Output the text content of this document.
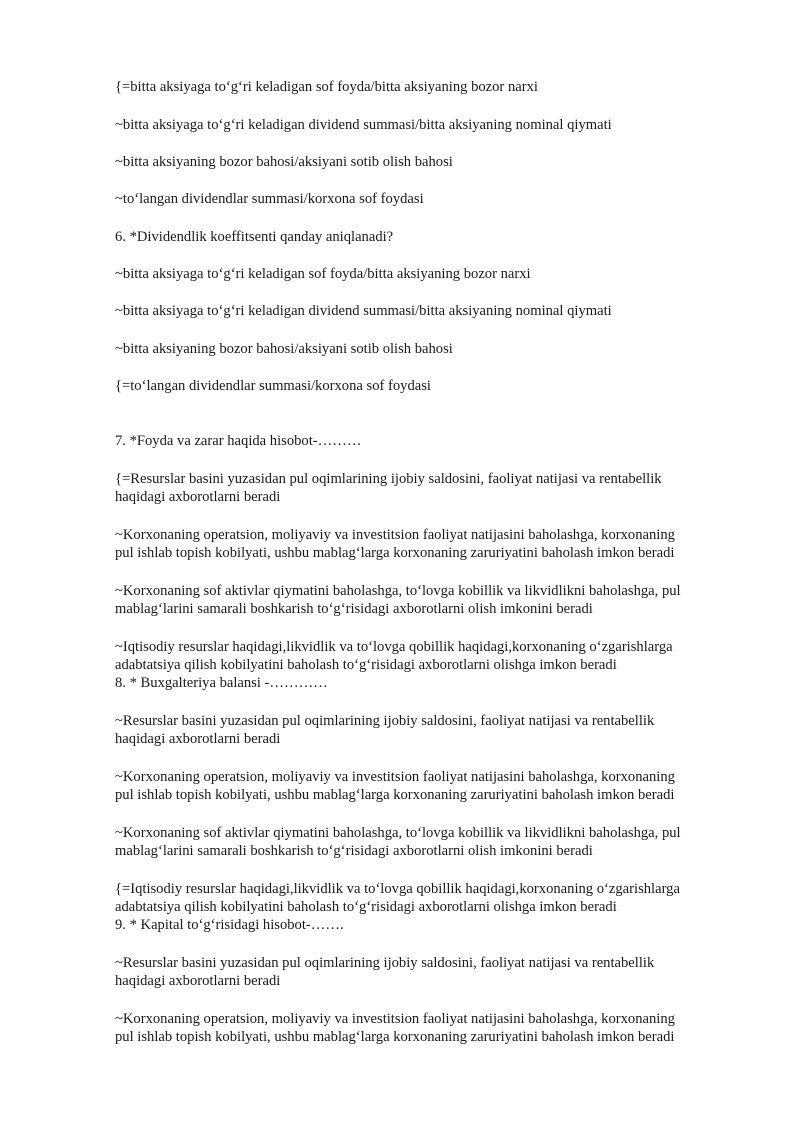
{=bitta aksiyaga to‘g‘ri keladigan sof foyda/bitta aksiyaning bozor narxi

~bitta aksiyaga to‘g‘ri keladigan dividend summasi/bitta aksiyaning nominal qiymati

~bitta aksiyaning bozor bahosi/aksiyani sotib olish bahosi

~to‘langan dividendlar summasi/korxona sof foydasi

6. *Dividendlik koeffitsenti qanday aniqlanadi?

~bitta aksiyaga to‘g‘ri keladigan sof foyda/bitta aksiyaning bozor narxi

~bitta aksiyaga to‘g‘ri keladigan dividend summasi/bitta aksiyaning nominal qiymati

~bitta aksiyaning bozor bahosi/aksiyani sotib olish bahosi

{=to‘langan dividendlar summasi/korxona sof foydasi

7. *Foyda va zarar haqida hisobot-………

{=Resurslar basini yuzasidan pul oqimlarining ijobiy saldosini, faoliyat natijasi va rentabellik
haqidagi axborotlarni beradi

~Korxonaning operatsion, moliyaviy va investitsion faoliyat natijasini baholashga, korxonaning
pul ishlab topish kobilyati, ushbu mablag‘larga korxonaning zaruriyatini baholash imkon beradi

~Korxonaning sof aktivlar qiymatini baholashga, to‘lovga kobillik va likvidlikni baholashga, pul
mablag‘larini samarali boshkarish to‘g‘risidagi axborotlarni olish imkonini beradi

~Iqtisodiy resurslar haqidagi,likvidlik va to‘lovga qobillik haqidagi,korxonaning o‘zgarishlarga
adabtatsiya qilish kobilyatini baholash to‘g‘risidagi axborotlarni olishga imkon beradi
8. * Buxgalteriya balansi -…………

~Resurslar basini yuzasidan pul oqimlarining ijobiy saldosini, faoliyat natijasi va rentabellik
haqidagi axborotlarni beradi

~Korxonaning operatsion, moliyaviy va investitsion faoliyat natijasini baholashga, korxonaning
pul ishlab topish kobilyati, ushbu mablag‘larga korxonaning zaruriyatini baholash imkon beradi

~Korxonaning sof aktivlar qiymatini baholashga, to‘lovga kobillik va likvidlikni baholashga, pul
mablag‘larini samarali boshkarish to‘g‘risidagi axborotlarni olish imkonini beradi

{=Iqtisodiy resurslar haqidagi,likvidlik va to‘lovga qobillik haqidagi,korxonaning o‘zgarishlarga
adabtatsiya qilish kobilyatini baholash to‘g‘risidagi axborotlarni olishga imkon beradi
9. * Kapital to‘g‘risidagi hisobot-…….

~Resurslar basini yuzasidan pul oqimlarining ijobiy saldosini, faoliyat natijasi va rentabellik
haqidagi axborotlarni beradi

~Korxonaning operatsion, moliyaviy va investitsion faoliyat natijasini baholashga, korxonaning
pul ishlab topish kobilyati, ushbu mablag‘larga korxonaning zaruriyatini baholash imkon beradi
